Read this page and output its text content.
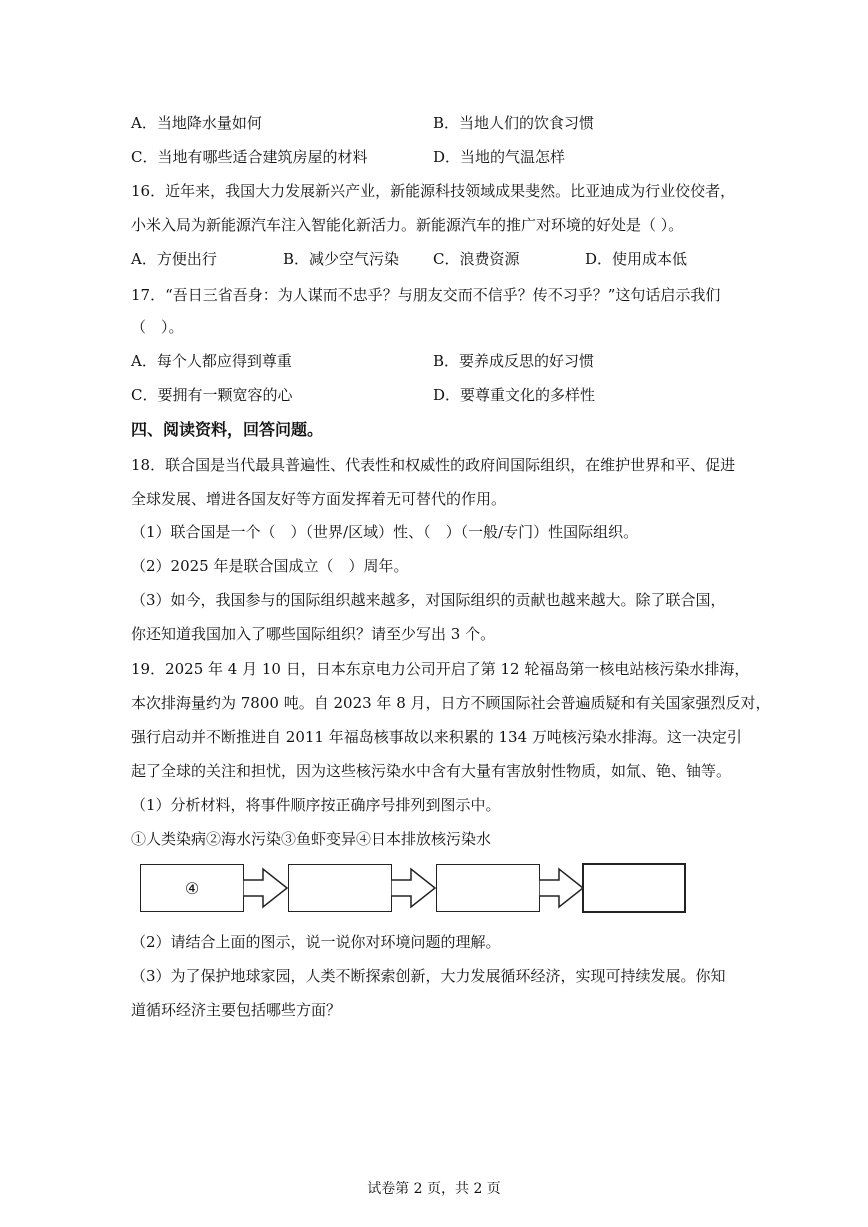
A．当地降水量如何	B．当地人们的饮食习惯
C．当地有哪些适合建筑房屋的材料	D．当地的气温怎样
16．近年来，我国大力发展新兴产业，新能源科技领域成果斐然。比亚迪成为行业佼佼者，
小米入局为新能源汽车注入智能化新活力。新能源汽车的推广对环境的好处是（ ）。
A．方便出行	B．减少空气污染 C．浪费资源	D．使用成本低
17．“吾日三省吾身：为人谋而不忠乎？与朋友交而不信乎？传不习乎？”这句话启示我们
（　）。
A．每个人都应得到尊重	B．要养成反思的好习惯
C．要拥有一颗宽容的心	D．要尊重文化的多样性
四、阅读资料，回答问题。
18．联合国是当代最具普遍性、代表性和权威性的政府间国际组织，在维护世界和平、促进
全球发展、增进各国友好等方面发挥着无可替代的作用。
（1）联合国是一个（　）（世界/区域）性、（　）（一般/专门）性国际组织。
（2）2025 年是联合国成立（　）周年。
（3）如今，我国参与的国际组织越来越多，对国际组织的贡献也越来越大。除了联合国，
你还知道我国加入了哪些国际组织？请至少写出 3 个。
19．2025 年 4 月 10 日，日本东京电力公司开启了第 12 轮福岛第一核电站核污染水排海，
本次排海量约为 7800 吨。自 2023 年 8 月，日方不顾国际社会普遍质疑和有关国家强烈反对，
强行启动并不断推进自 2011 年福岛核事故以来积累的 134 万吨核污染水排海。这一决定引
起了全球的关注和担忧，因为这些核污染水中含有大量有害放射性物质，如氚、铯、铀等。
（1）分析材料，将事件顺序按正确序号排列到图示中。
①人类染病②海水污染③鱼虾变异④日本排放核污染水
④
（2）请结合上面的图示，说一说你对环境问题的理解。
（3）为了保护地球家园，人类不断探索创新，大力发展循环经济，实现可持续发展。你知
道循环经济主要包括哪些方面？
试卷第 2 页，共 2 页
